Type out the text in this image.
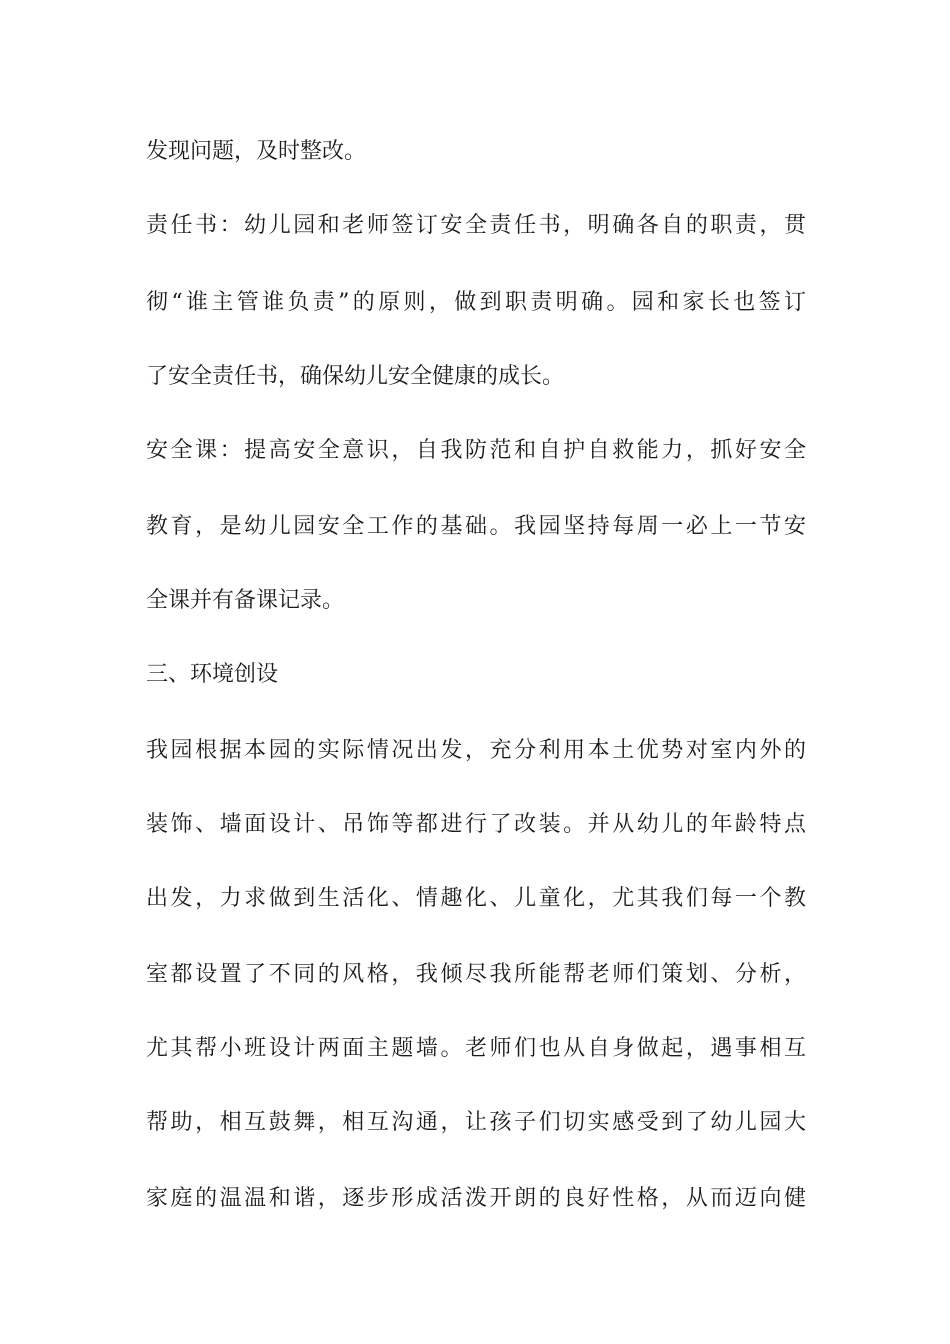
发现问题，及时整改。

责任书：幼儿园和老师签订安全责任书，明确各自的职责，贯

彻“谁主管谁负责”的原则，做到职责明确。园和家长也签订

了安全责任书，确保幼儿安全健康的成长。

安全课：提高安全意识，自我防范和自护自救能力，抓好安全

教育，是幼儿园安全工作的基础。我园坚持每周一必上一节安

全课并有备课记录。

三、环境创设

我园根据本园的实际情况出发，充分利用本土优势对室内外的

装饰、墙面设计、吊饰等都进行了改装。并从幼儿的年龄特点

出发，力求做到生活化、情趣化、儿童化，尤其我们每一个教

室都设置了不同的风格，我倾尽我所能帮老师们策划、分析，

尤其帮小班设计两面主题墙。老师们也从自身做起，遇事相互

帮助，相互鼓舞，相互沟通，让孩子们切实感受到了幼儿园大

家庭的温温和谐，逐步形成活泼开朗的良好性格，从而迈向健
